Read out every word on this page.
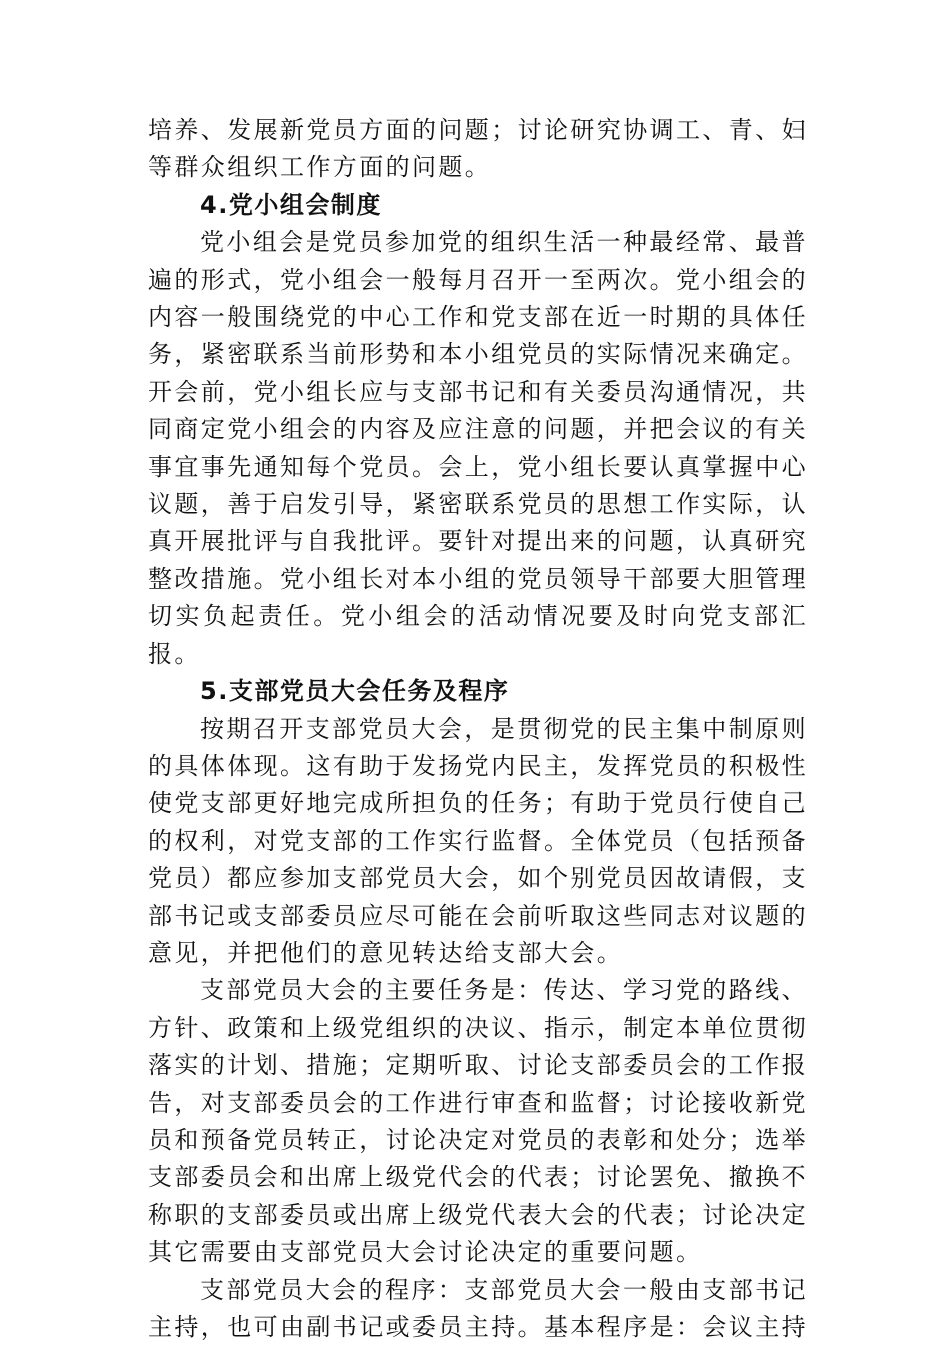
培养、发展新党员方面的问题；讨论研究协调工、青、妇等群众组织工作方面的问题。

4.党小组会制度

党小组会是党员参加党的组织生活一种最经常、最普遍的形式，党小组会一般每月召开一至两次。党小组会的内容一般围绕党的中心工作和党支部在近一时期的具体任务，紧密联系当前形势和本小组党员的实际情况来确定。开会前，党小组长应与支部书记和有关委员沟通情况，共同商定党小组会的内容及应注意的问题，并把会议的有关事宜事先通知每个党员。会上，党小组长要认真掌握中心议题，善于启发引导，紧密联系党员的思想工作实际，认真开展批评与自我批评。要针对提出来的问题，认真研究整改措施。党小组长对本小组的党员领导干部要大胆管理切实负起责任。党小组会的活动情况要及时向党支部汇报。

5.支部党员大会任务及程序

按期召开支部党员大会，是贯彻党的民主集中制原则的具体体现。这有助于发扬党内民主，发挥党员的积极性使党支部更好地完成所担负的任务；有助于党员行使自己的权利，对党支部的工作实行监督。全体党员（包括预备党员）都应参加支部党员大会，如个别党员因故请假，支部书记或支部委员应尽可能在会前听取这些同志对议题的意见，并把他们的意见转达给支部大会。

支部党员大会的主要任务是：传达、学习党的路线、方针、政策和上级党组织的决议、指示，制定本单位贯彻落实的计划、措施；定期听取、讨论支部委员会的工作报告，对支部委员会的工作进行审查和监督；讨论接收新党员和预备党员转正，讨论决定对党员的表彰和处分；选举支部委员会和出席上级党代会的代表；讨论罢免、撤换不称职的支部委员或出席上级党代表大会的代表；讨论决定其它需要由支部党员大会讨论决定的重要问题。

支部党员大会的程序：支部党员大会一般由支部书记主持，也可由副书记或委员主持。基本程序是：会议主持
